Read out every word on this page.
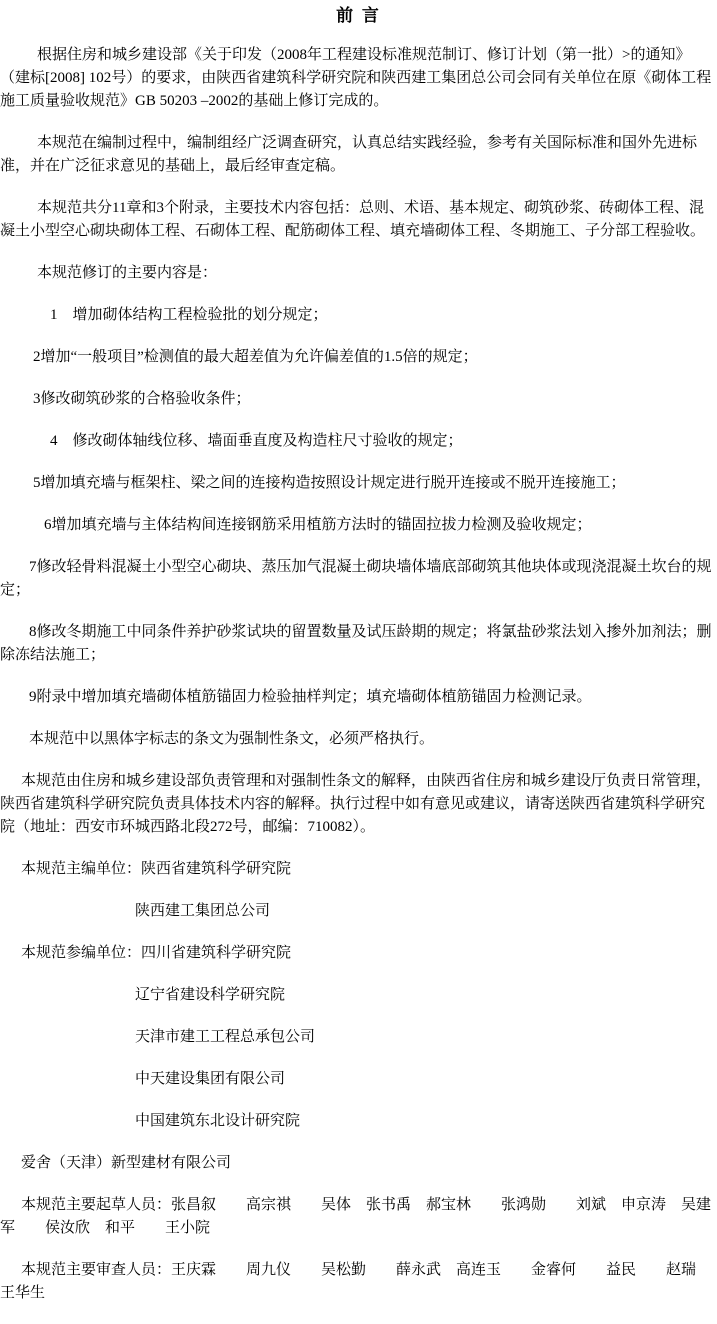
前 言

根据住房和城乡建设部《关于印发（2008年工程建设标准规范制订、修订计划（第一批）>的通知》　（建标[2008] 102号）的要求，由陕西省建筑科学研究院和陕西建工集团总公司会同有关单位在原《砌体工程施工质量验收规范》GB 50203 –2002的基础上修订完成的。

本规范在编制过程中，编制组经广泛调查研究，认真总结实践经验，参考有关国际标准和国外先进标准，并在广泛征求意见的基础上，最后经审查定稿。

本规范共分11章和3个附录，主要技术内容包括：总则、术语、基本规定、砌筑砂浆、砖砌体工程、混凝土小型空心砌块砌体工程、石砌体工程、配筋砌体工程、填充墙砌体工程、冬期施工、子分部工程验收。

本规范修订的主要内容是：

1　增加砌体结构工程检验批的划分规定；

2增加“一般项目”检测值的最大超差值为允许偏差值的1.5倍的规定；

3修改砌筑砂浆的合格验收条件；

4　修改砌体轴线位移、墙面垂直度及构造柱尺寸验收的规定；

5增加填充墙与框架柱、梁之间的连接构造按照设计规定进行脱开连接或不脱开连接施工；

6增加填充墙与主体结构间连接钢筋采用植筋方法时的锚固拉拔力检测及验收规定；

7修改轻骨料混凝土小型空心砌块、蒸压加气混凝土砌块墙体墙底部砌筑其他块体或现浇混凝土坎台的规定；

8修改冬期施工中同条件养护砂浆试块的留置数量及试压龄期的规定；将氯盐砂浆法划入掺外加剂法；删除冻结法施工；

9附录中增加填充墙砌体植筋锚固力检验抽样判定；填充墙砌体植筋锚固力检测记录。

本规范中以黑体字标志的条文为强制性条文，必须严格执行。

本规范由住房和城乡建设部负责管理和对强制性条文的解释，由陕西省住房和城乡建设厅负责日常管理，陕西省建筑科学研究院负责具体技术内容的解释。执行过程中如有意见或建议，请寄送陕西省建筑科学研究院（地址：西安市环城西路北段272号，邮编：710082）。

本规范主编单位：陕西省建筑科学研究院

陕西建工集团总公司

本规范参编单位：四川省建筑科学研究院

辽宁省建设科学研究院

天津市建工工程总承包公司

中天建设集团有限公司

中国建筑东北设计研究院

爱舍（天津）新型建材有限公司

本规范主要起草人员：张昌叙　　高宗祺　　吴体　张书禹　郝宝林　　张鸿勋　　刘斌　申京涛　吴建军　　侯汝欣　和平　　王小院

本规范主要审查人员：王庆霖　　周九仪　　吴松勤　　薛永武　高连玉　　金睿何　　益民　　赵瑞　王华生
